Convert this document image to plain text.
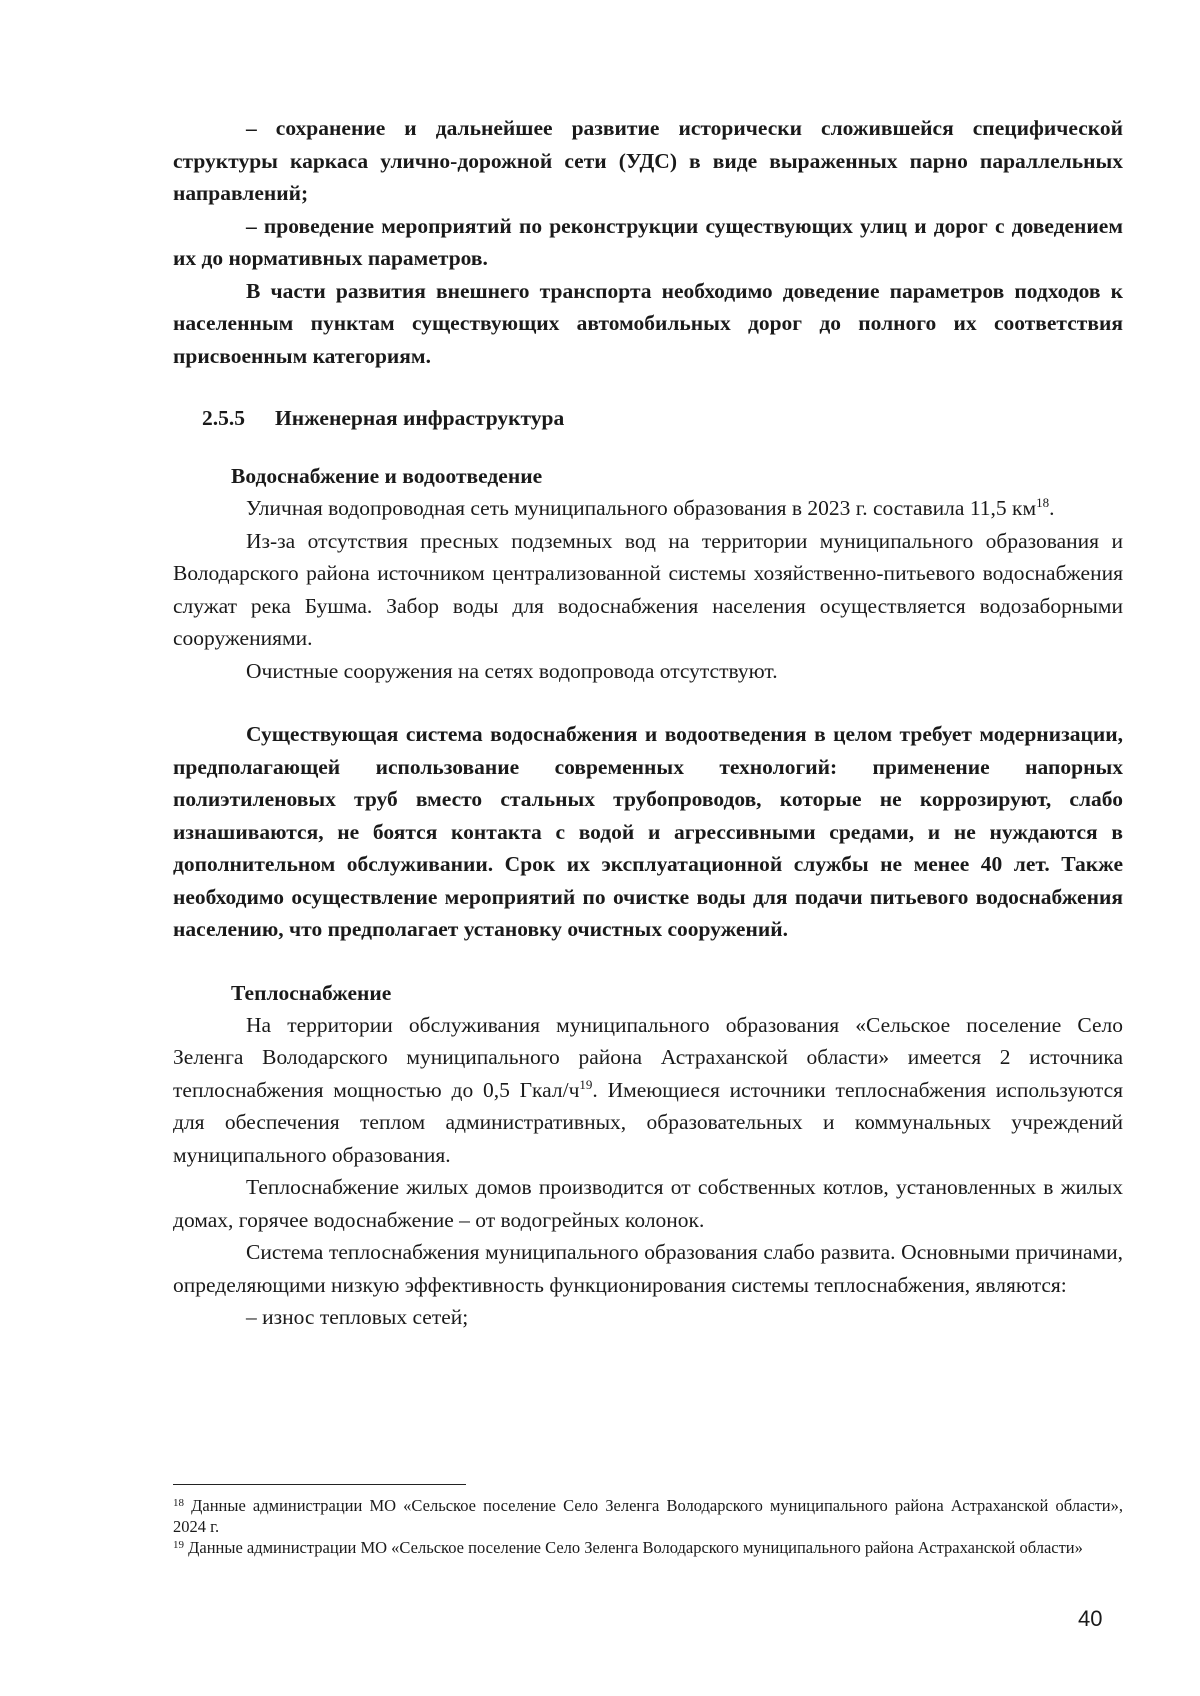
– сохранение и дальнейшее развитие исторически сложившейся специфической структуры каркаса улично-дорожной сети (УДС) в виде выраженных парно параллельных направлений;

– проведение мероприятий по реконструкции существующих улиц и дорог с доведением их до нормативных параметров.

В части развития внешнего транспорта необходимо доведение параметров подходов к населенным пунктам существующих автомобильных дорог до полного их соответствия присвоенным категориям.

2.5.5 Инженерная инфраструктура
Водоснабжение и водоотведение

Уличная водопроводная сеть муниципального образования в 2023 г. составила 11,5 $км^{18}$.

Из-за отсутствия пресных подземных вод на территории муниципального образования и Володарского района источником централизованной системы хозяйственно-питьевого водоснабжения служат река Бушма. Забор воды для водоснабжения населения осуществляется водозаборными сооружениями.

Очистные сооружения на сетях водопровода отсутствуют.

Существующая система водоснабжения и водоотведения в целом требует модернизации, предполагающей использование современных технологий: применение напорных полиэтиленовых труб вместо стальных трубопроводов, которые не коррозируют, слабо изнашиваются, не боятся контакта с водой и агрессивными средами, и не нуждаются в дополнительном обслуживании. Срок их эксплуатационной службы не менее 40 лет. Также необходимо осуществление мероприятий по очистке воды для подачи питьевого водоснабжения населению, что предполагает установку очистных сооружений.

Теплоснабжение

На территории обслуживания муниципального образования «Сельское поселение Село Зеленга Володарского муниципального района Астраханской области» имеется 2 источника теплоснабжения мощностью до 0,5 Гкал/$ч^{19}$. Имеющиеся источники теплоснабжения используются для обеспечения теплом административных, образовательных и коммунальных учреждений муниципального образования.

Теплоснабжение жилых домов производится от собственных котлов, установленных в жилых домах, горячее водоснабжение – от водогрейных колонок.

Система теплоснабжения муниципального образования слабо развита. Основными причинами, определяющими низкую эффективность функционирования системы теплоснабжения, являются:

– износ тепловых сетей;

$^{18}$ Данные администрации МО «Сельское поселение Село Зеленга Володарского муниципального района Астраханской области», 2024 г.

$^{19}$ Данные администрации МО «Сельское поселение Село Зеленга Володарского муниципального района Астраханской области»

40
